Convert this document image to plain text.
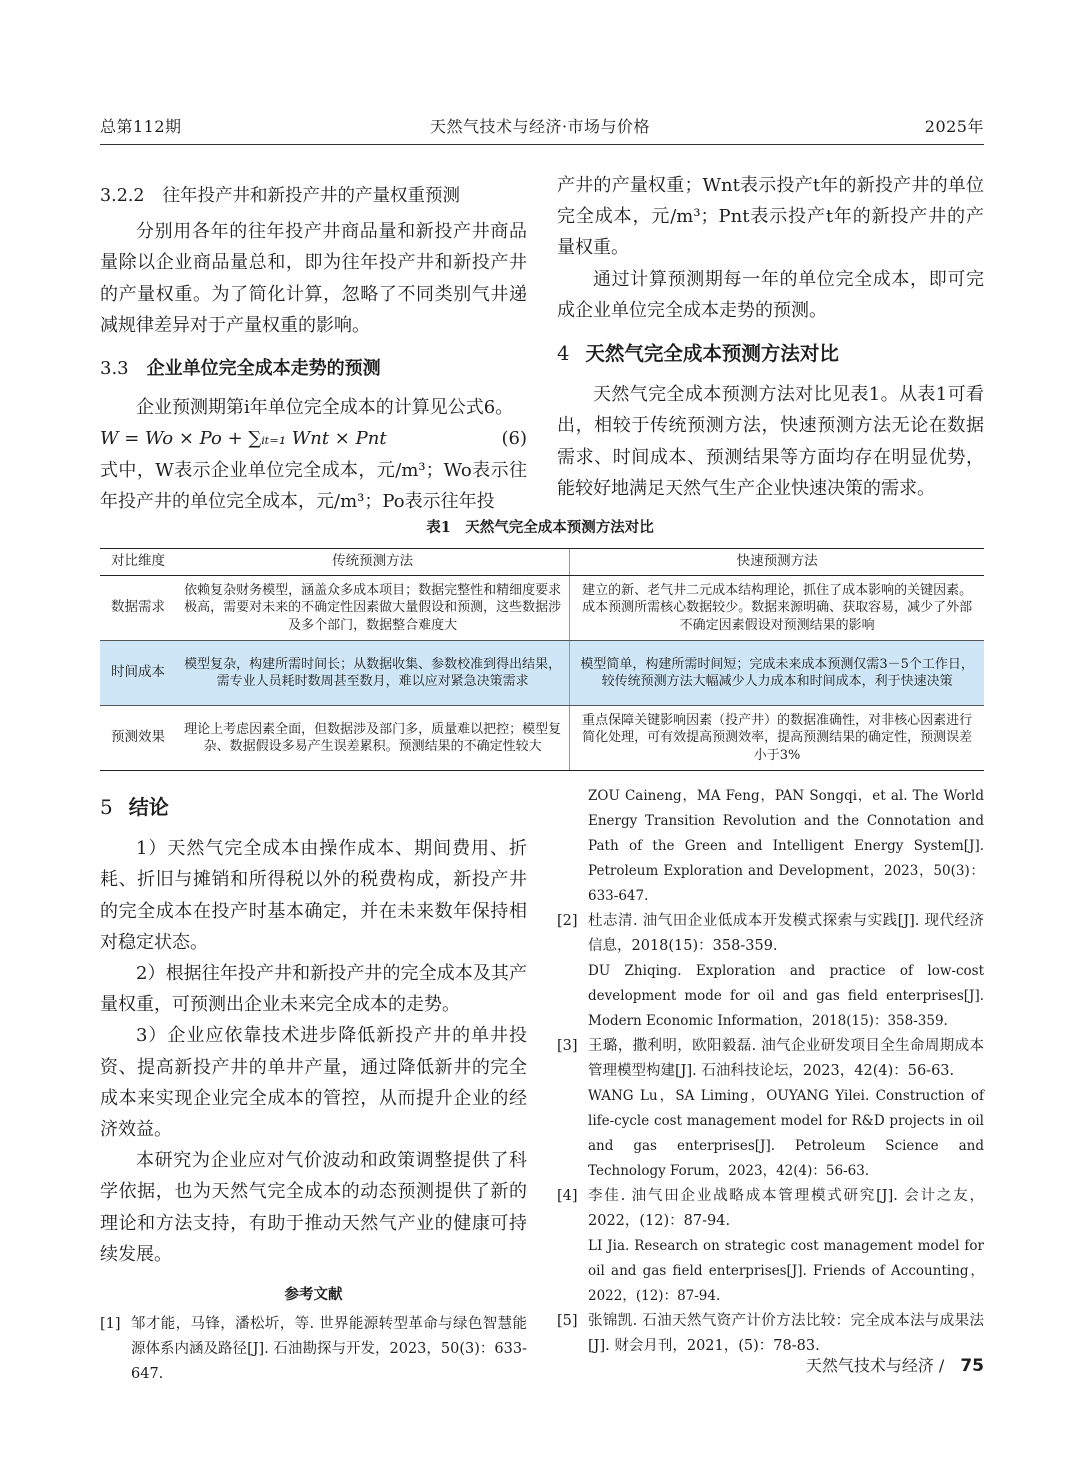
总第112期	天然气技术与经济·市场与价格	2025年

3.2.2 往年投产井和新投产井的产量权重预测

分别用各年的往年投产井商品量和新投产井商品量除以企业商品量总和，即为往年投产井和新投产井的产量权重。为了简化计算，忽略了不同类别气井递减规律差异对于产量权重的影响。

3.3 企业单位完全成本走势的预测

企业预测期第i年单位完全成本的计算见公式6。

W = Wo × Po + ∑ᵢₜ₌₁ Wnt × Pnt	(6)

式中，W表示企业单位完全成本，元/m³；Wo表示往年投产井的单位完全成本，元/m³；Po表示往年投

产井的产量权重；Wnt表示投产t年的新投产井的单位完全成本，元/m³；Pnt表示投产t年的新投产井的产量权重。

通过计算预测期每一年的单位完全成本，即可完成企业单位完全成本走势的预测。

4 天然气完全成本预测方法对比

天然气完全成本预测方法对比见表1。从表1可看出，相较于传统预测方法，快速预测方法无论在数据需求、时间成本、预测结果等方面均存在明显优势，能较好地满足天然气生产企业快速决策的需求。

表1　天然气完全成本预测方法对比
对比维度	传统预测方法	快速预测方法
数据需求	依赖复杂财务模型，涵盖众多成本项目；数据完整性和精细度要求极高，需要对未来的不确定性因素做大量假设和预测，这些数据涉及多个部门，数据整合难度大	建立的新、老气井二元成本结构理论，抓住了成本影响的关键因素。成本预测所需核心数据较少。数据来源明确、获取容易，减少了外部不确定因素假设对预测结果的影响
时间成本	模型复杂，构建所需时间长；从数据收集、参数校准到得出结果，需专业人员耗时数周甚至数月，难以应对紧急决策需求	模型简单，构建所需时间短；完成未来成本预测仅需3－5个工作日，较传统预测方法大幅减少人力成本和时间成本，利于快速决策
预测效果	理论上考虑因素全面，但数据涉及部门多，质量难以把控；模型复杂、数据假设多易产生误差累积。预测结果的不确定性较大	重点保障关键影响因素（投产井）的数据准确性，对非核心因素进行简化处理，可有效提高预测效率，提高预测结果的确定性，预测误差小于3%

5 结论

1）天然气完全成本由操作成本、期间费用、折耗、折旧与摊销和所得税以外的税费构成，新投产井的完全成本在投产时基本确定，并在未来数年保持相对稳定状态。

2）根据往年投产井和新投产井的完全成本及其产量权重，可预测出企业未来完全成本的走势。

3）企业应依靠技术进步降低新投产井的单井投资、提高新投产井的单井产量，通过降低新井的完全成本来实现企业完全成本的管控，从而提升企业的经济效益。

本研究为企业应对气价波动和政策调整提供了科学依据，也为天然气完全成本的动态预测提供了新的理论和方法支持，有助于推动天然气产业的健康可持续发展。

参考文献
[1] 邹才能，马锋，潘松圻，等. 世界能源转型革命与绿色智慧能源体系内涵及路径[J]. 石油勘探与开发，2023，50(3)：633-647.
ZOU Caineng，MA Feng，PAN Songqi，et al. The World Energy Transition Revolution and the Connotation and Path of the Green and Intelligent Energy System[J]. Petroleum Exploration and Development，2023，50(3)：633-647.
[2] 杜志清. 油气田企业低成本开发模式探索与实践[J]. 现代经济信息，2018(15)：358-359.
DU Zhiqing. Exploration and practice of low-cost development mode for oil and gas field enterprises[J]. Modern Economic Information，2018(15)：358-359.
[3] 王璐，撒利明，欧阳毅磊. 油气企业研发项目全生命周期成本管理模型构建[J]. 石油科技论坛，2023，42(4)：56-63.
WANG Lu，SA Liming，OUYANG Yilei. Construction of life-cycle cost management model for R&D projects in oil and gas enterprises[J]. Petroleum Science and Technology Forum，2023，42(4)：56-63.
[4] 李佳. 油气田企业战略成本管理模式研究[J]. 会计之友，2022，(12)：87-94.
LI Jia. Research on strategic cost management model for oil and gas field enterprises[J]. Friends of Accounting，2022，(12)：87-94.
[5] 张锦凯. 石油天然气资产计价方法比较：完全成本法与成果法[J]. 财会月刊，2021，(5)：78-83.
天然气技术与经济 / 75
